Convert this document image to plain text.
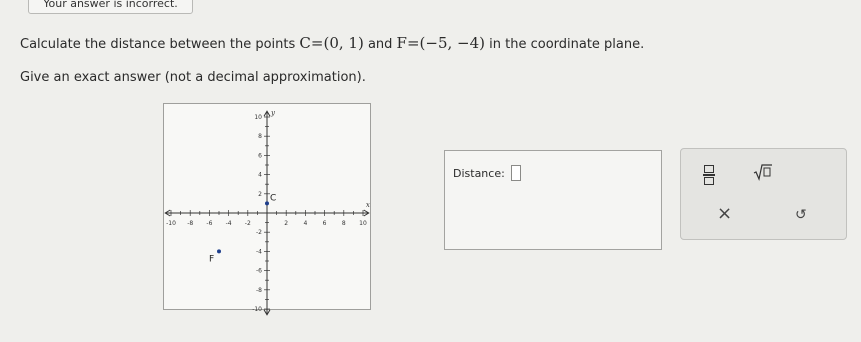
Your answer is incorrect.
Calculate the distance between the points C=(0, 1) and F=(−5, −4) in the coordinate plane.
Give an exact answer (not a decimal approximation).
-10 -8 -6 -4 -2	2	4	6	8 10
-10
-8
-6
-4
-2
2
4
6
8
10
x
y
C
F
Distance:
×	↺
